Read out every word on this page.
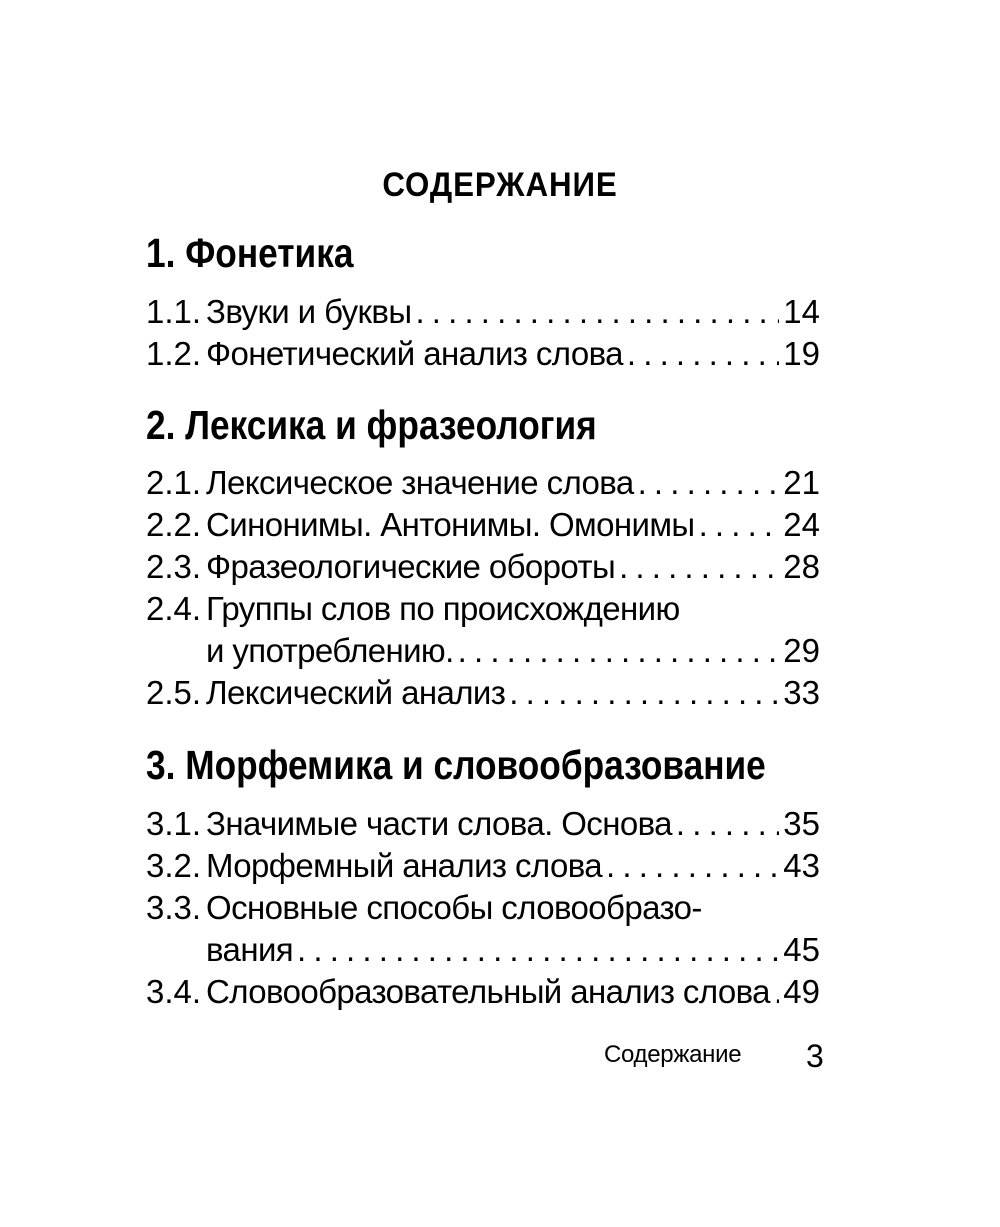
СОДЕРЖАНИЕ
1. Фонетика
1.1. Звуки и буквы . . .	14
1.2. Фонетический анализ слова . . .	19
2. Лексика и фразеология
2.1. Лексическое значение слова . . .	21
2.2. Синонимы. Антонимы. Омонимы . . .	24
2.3. Фразеологические обороты . . .	28
2.4. Группы слов по происхождению
и употреблению. . . .	29
2.5. Лексический анализ . . .	33
3. Морфемика и словообразование
3.1. Значимые части слова. Основа . . .	35
3.2. Морфемный анализ слова . . .	43
3.3. Основные способы словообразо-
вания . . .	45
3.4. Словообразовательный анализ слова . . . 49
Содержание 3
